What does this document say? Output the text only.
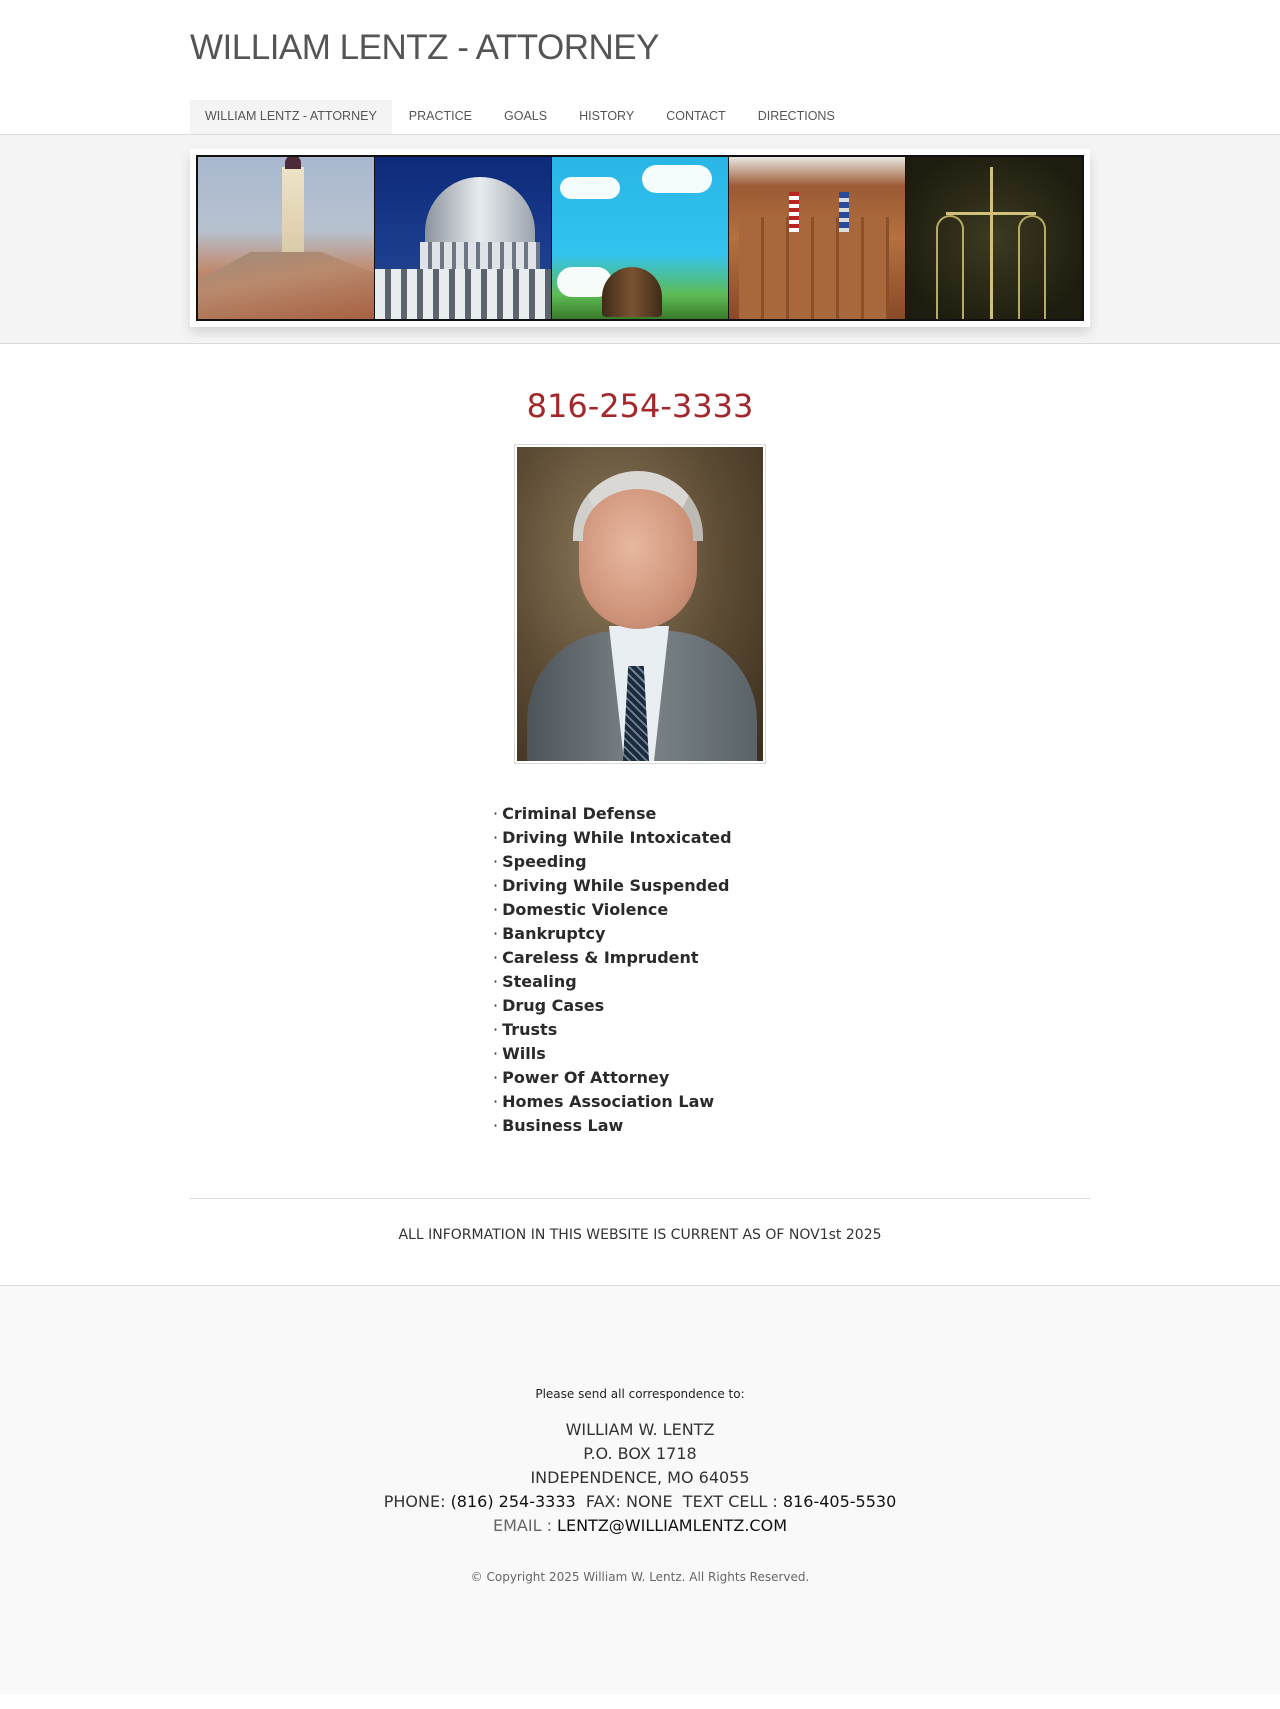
WILLIAM LENTZ - ATTORNEY
WILLIAM LENTZ - ATTORNEY	PRACTICE	GOALS	HISTORY	CONTACT	DIRECTIONS
816-254-3333
· Criminal Defense
· Driving While Intoxicated
· Speeding
· Driving While Suspended
· Domestic Violence
· Bankruptcy
· Careless & Imprudent
· Stealing
· Drug Cases
· Trusts
· Wills
· Power Of Attorney
· Homes Association Law
· Business Law
ALL INFORMATION IN THIS WEBSITE IS CURRENT AS OF NOV1st 2025
Please send all correspondence to:
WILLIAM W. LENTZ
P.O. BOX 1718
INDEPENDENCE, MO 64055
PHONE: (816) 254-3333  FAX: NONE  TEXT CELL : 816-405-5530
EMAIL : LENTZ@WILLIAMLENTZ.COM
© Copyright 2025 William W. Lentz. All Rights Reserved.
